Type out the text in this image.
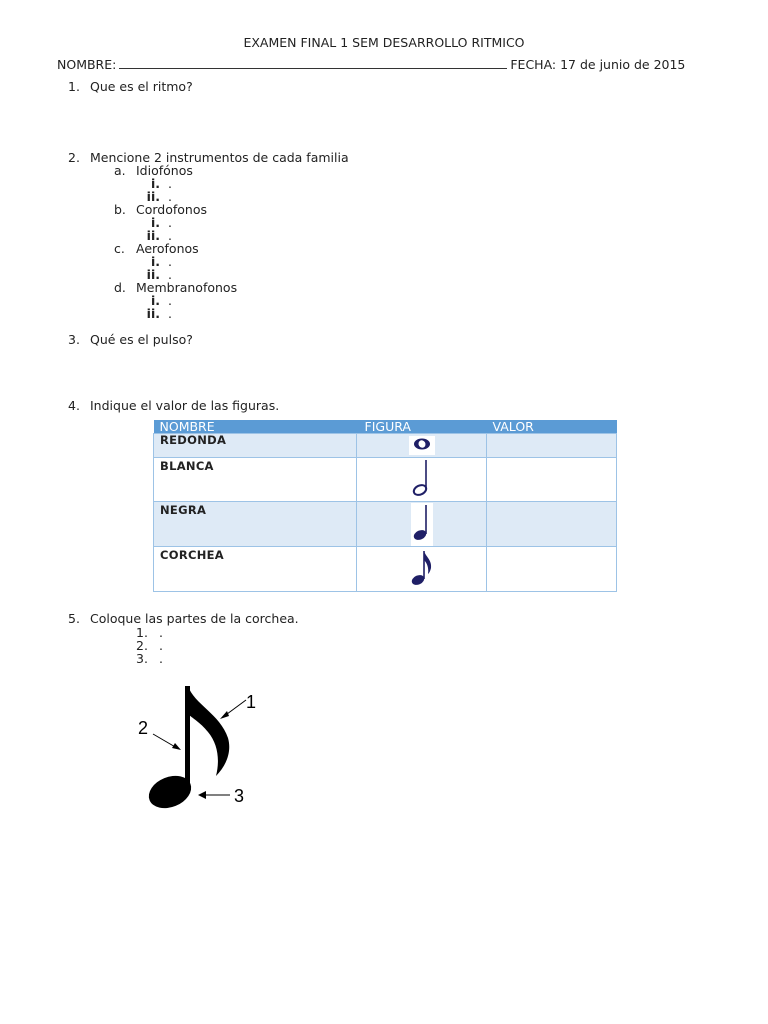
EXAMEN FINAL 1 SEM DESARROLLO RITMICO
NOMBRE:	FECHA: 17 de junio de 2015
1. Que es el ritmo?
2. Mencione 2 instrumentos de cada familia
a. Idiofónos
i. .
ii. .
b. Cordofonos
i. .
ii. .
c. Aerofonos
i. .
ii. .
d. Membranofonos
i. .
ii. .
3. Qué es el pulso?
4. Indique el valor de las figuras.
NOMBRE	FIGURA	VALOR
REDONDA		
BLANCA		
NEGRA		
CORCHEA		
5. Coloque las partes de la corchea.
1. .
2. .
3. .
1
2
3
